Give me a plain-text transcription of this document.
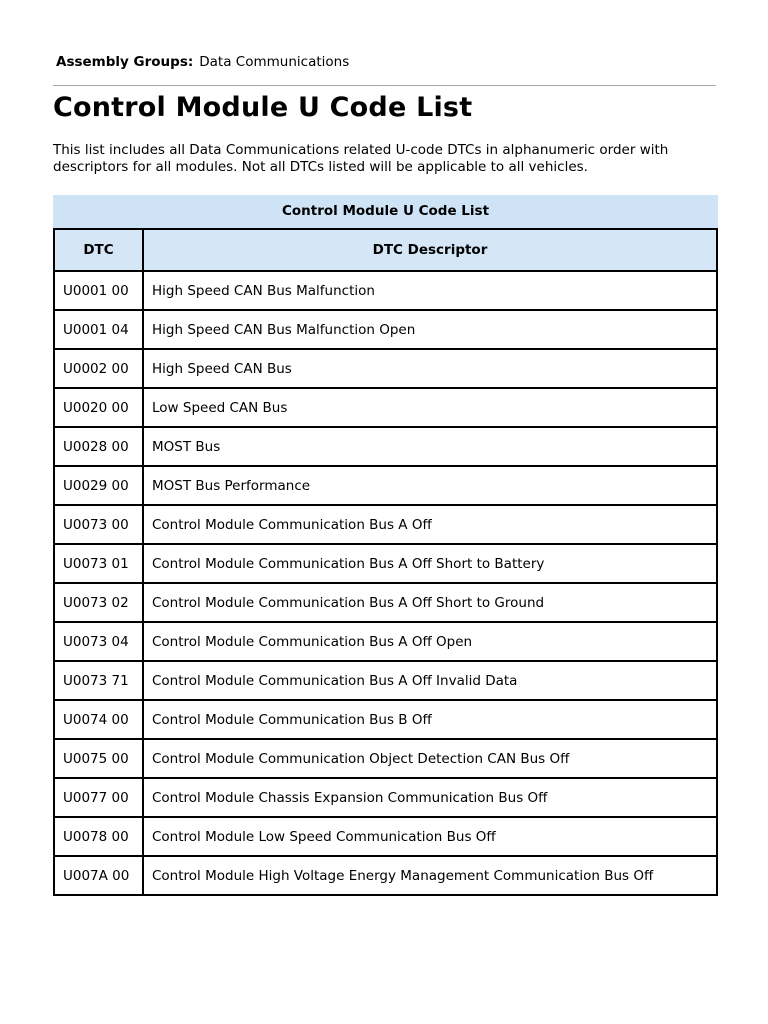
Assembly Groups: Data Communications
Control Module U Code List

This list includes all Data Communications related U-code DTCs in alphanumeric order with descriptors for all modules. Not all DTCs listed will be applicable to all vehicles.

Control Module U Code List
DTC	DTC Descriptor
U0001 00	High Speed CAN Bus Malfunction
U0001 04	High Speed CAN Bus Malfunction Open
U0002 00	High Speed CAN Bus
U0020 00	Low Speed CAN Bus
U0028 00	MOST Bus
U0029 00	MOST Bus Performance
U0073 00	Control Module Communication Bus A Off
U0073 01	Control Module Communication Bus A Off Short to Battery
U0073 02	Control Module Communication Bus A Off Short to Ground
U0073 04	Control Module Communication Bus A Off Open
U0073 71	Control Module Communication Bus A Off Invalid Data
U0074 00	Control Module Communication Bus B Off
U0075 00	Control Module Communication Object Detection CAN Bus Off
U0077 00	Control Module Chassis Expansion Communication Bus Off
U0078 00	Control Module Low Speed Communication Bus Off
U007A 00	Control Module High Voltage Energy Management Communication Bus Off
